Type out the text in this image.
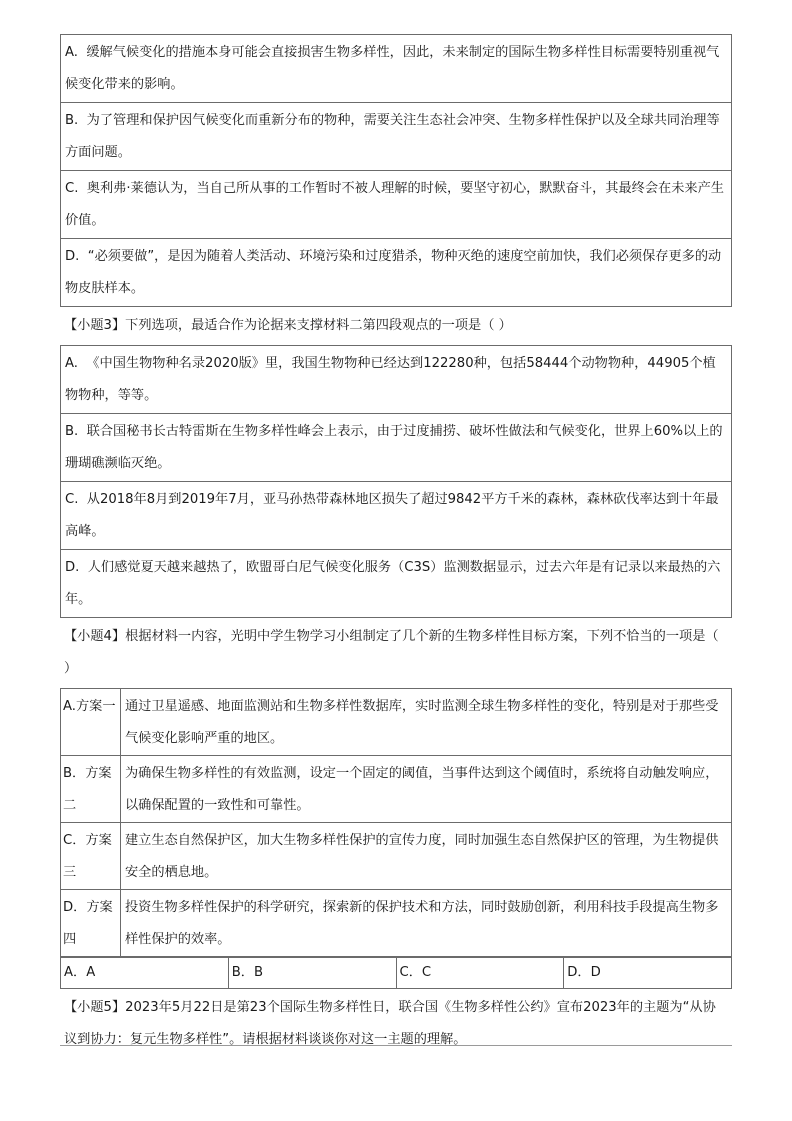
A. 缓解气候变化的措施本身可能会直接损害生物多样性，因此，未来制定的国际生物多样性目标需要特别重视气候变化带来的影响。
B. 为了管理和保护因气候变化而重新分布的物种，需要关注生态社会冲突、生物多样性保护以及全球共同治理等方面问题。
C. 奥利弗·莱德认为，当自己所从事的工作暂时不被人理解的时候，要坚守初心，默默奋斗，其最终会在未来产生价值。
D. “必须要做”，是因为随着人类活动、环境污染和过度猎杀，物种灭绝的速度空前加快，我们必须保存更多的动物皮肤样本。
【小题3】下列选项，最适合作为论据来支撑材料二第四段观点的一项是（ ）
A. 《中国生物物种名录2020版》里，我国生物物种已经达到122280种，包括58444个动物物种，44905个植物物种，等等。
B. 联合国秘书长古特雷斯在生物多样性峰会上表示，由于过度捕捞、破坏性做法和气候变化，世界上60%以上的珊瑚礁濒临灭绝。
C. 从2018年8月到2019年7月，亚马孙热带森林地区损失了超过9842平方千米的森林，森林砍伐率达到十年最高峰。
D. 人们感觉夏天越来越热了，欧盟哥白尼气候变化服务（C3S）监测数据显示，过去六年是有记录以来最热的六年。
【小题4】根据材料一内容，光明中学生物学习小组制定了几个新的生物多样性目标方案，下列不恰当的一项是（ ）
A.方案一	通过卫星遥感、地面监测站和生物多样性数据库，实时监测全球生物多样性的变化，特别是对于那些受气候变化影响严重的地区。
B．方案二	为确保生物多样性的有效监测，设定一个固定的阈值，当事件达到这个阈值时，系统将自动触发响应，以确保配置的一致性和可靠性。
C．方案三	建立生态自然保护区，加大生物多样性保护的宣传力度，同时加强生态自然保护区的管理，为生物提供安全的栖息地。
D．方案四	投资生物多样性保护的科学研究，探索新的保护技术和方法，同时鼓励创新，利用科技手段提高生物多样性保护的效率。
A．A	B．B	C．C	D．D
【小题5】2023年5月22日是第23个国际生物多样性日，联合国《生物多样性公约》宣布2023年的主题为“从协议到协力：复元生物多样性”。请根据材料谈谈你对这一主题的理解。
